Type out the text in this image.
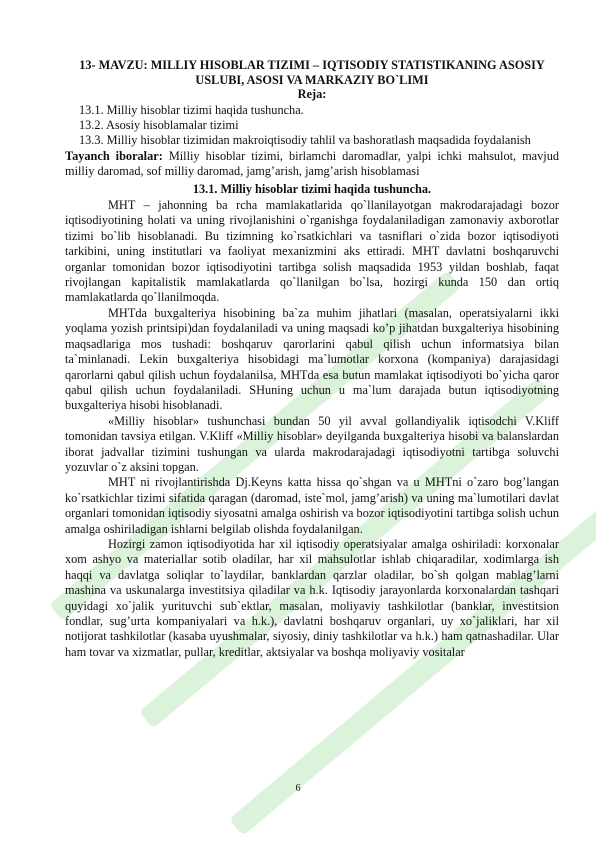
13- MAVZU: MILLIY HISOBLAR TIZIMI – IQTISODIY STATISTIKANING ASOSIY USLUBI, ASOSI VA MARKAZIY BO`LIMI

Reja:

13.1. Milliy hisoblar tizimi haqida tushuncha.

13.2. Asosiy hisoblamalar tizimi

13.3. Milliy hisoblar tizimidan makroiqtisodiy tahlil va bashoratlash maqsadida foydalanish

Tayanch iboralar: Milliy hisoblar tizimi, birlamchi daromadlar, yalpi ichki mahsulot, mavjud milliy daromad, sof milliy daromad, jamg’arish, jamg’arish hisoblamasi

13.1. Milliy hisoblar tizimi haqida tushuncha.

MHT – jahonning ba rcha mamlakatlarida qo`llanilayotgan makrodarajadagi bozor iqtisodiyotining holati va uning rivojlanishini o`rganishga foydalaniladigan zamonaviy axborotlar tizimi bo`lib hisoblanadi. Bu tizimning ko`rsatkichlari va tasniflari o`zida bozor iqtisodiyoti tarkibini, uning institutlari va faoliyat mexanizmini aks ettiradi. MHT davlatni boshqaruvchi organlar tomonidan bozor iqtisodiyotini tartibga solish maqsadida 1953 yildan boshlab, faqat rivojlangan kapitalistik mamlakatlarda qo`llanilgan bo`lsa, hozirgi kunda 150 dan ortiq mamlakatlarda qo`llanilmoqda.

MHTda buxgalteriya hisobining ba`za muhim jihatlari (masalan, operatsiyalarni ikki yoqlama yozish printsipi)dan foydalaniladi va uning maqsadi ko’p jihatdan buxgalteriya hisobining maqsadlariga mos tushadi: boshqaruv qarorlarini qabul qilish uchun informatsiya bilan ta`minlanadi. Lekin buxgalteriya hisobidagi ma`lumotlar korxona (kompaniya) darajasidagi qarorlarni qabul qilish uchun foydalanilsa, MHTda esa butun mamlakat iqtisodiyoti bo`yicha qaror qabul qilish uchun foydalaniladi. SHuning uchun u ma`lum darajada butun iqtisodiyotning buxgalteriya hisobi hisoblanadi.

«Milliy hisoblar» tushunchasi bundan 50 yil avval gollandiyalik iqtisodchi V.Kliff tomonidan tavsiya etilgan. V.Kliff «Milliy hisoblar» deyilganda buxgalteriya hisobi va balanslardan iborat jadvallar tizimini tushungan va ularda makrodarajadagi iqtisodiyotni tartibga soluvchi yozuvlar o`z aksini topgan.

MHT ni rivojlantirishda Dj.Keyns katta hissa qo`shgan va u MHTni o`zaro bog’langan ko`rsatkichlar tizimi sifatida qaragan (daromad, iste`mol, jamg’arish) va uning ma`lumotilari davlat organlari tomonidan iqtisodiy siyosatni amalga oshirish va bozor iqtisodiyotini tartibga solish uchun amalga oshiriladigan ishlarni belgilab olishda foydalanilgan.

Hozirgi zamon iqtisodiyotida har xil iqtisodiy operatsiyalar amalga oshiriladi: korxonalar xom ashyo va materiallar sotib oladilar, har xil mahsulotlar ishlab chiqaradilar, xodimlarga ish haqqi va davlatga soliqlar to`laydilar, banklardan qarzlar oladilar, bo`sh qolgan mablag’larni mashina va uskunalarga investitsiya qiladilar va h.k. Iqtisodiy jarayonlarda korxonalardan tashqari quyidagi xo`jalik yurituvchi sub`ektlar, masalan, moliyaviy tashkilotlar (banklar, investitsion fondlar, sug’urta kompaniyalari va h.k.), davlatni boshqaruv organlari, uy xo`jaliklari, har xil notijorat tashkilotlar (kasaba uyushmalar, siyosiy, diniy tashkilotlar va h.k.) ham qatnashadilar. Ular ham tovar va xizmatlar, pullar, kreditlar, aktsiyalar va boshqa moliyaviy vositalar

6
